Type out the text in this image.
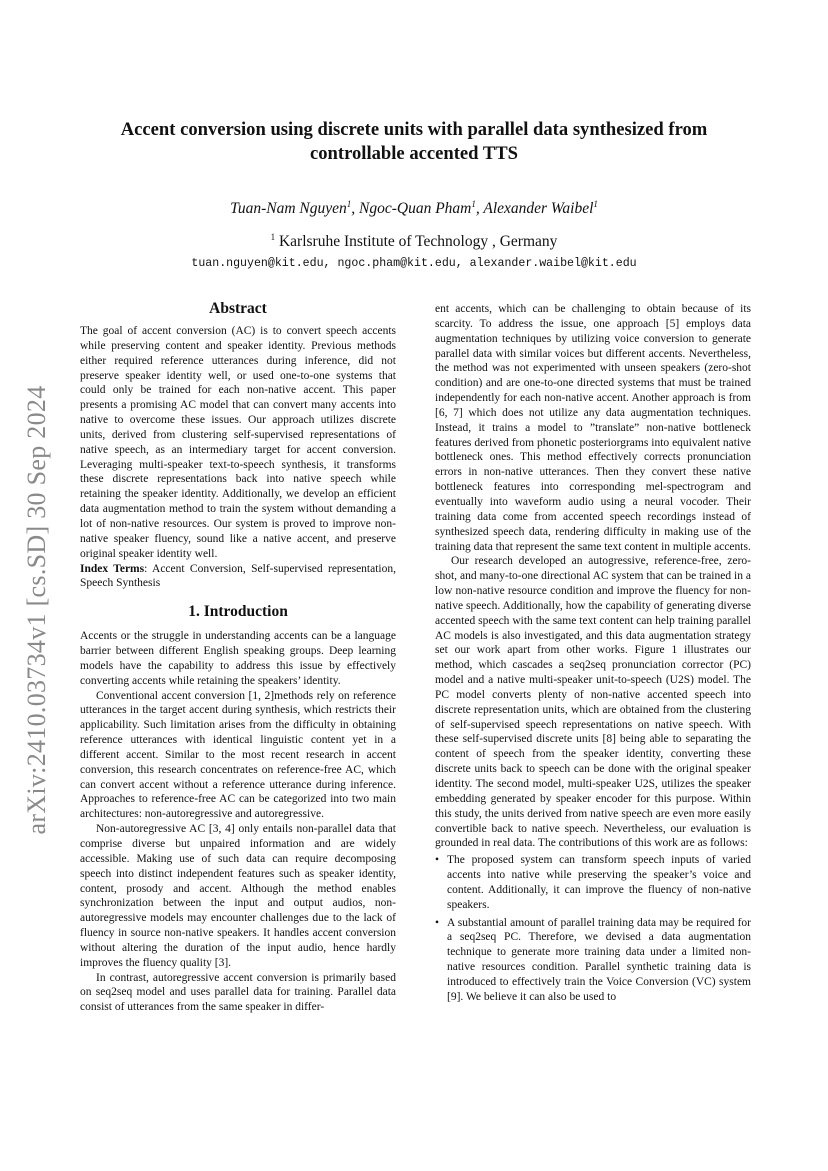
arXiv:2410.03734v1 [cs.SD] 30 Sep 2024
Accent conversion using discrete units with parallel data synthesized from
controllable accented TTS
Tuan-Nam Nguyen$^1$, Ngoc-Quan Pham$^1$, Alexander Waibel$^1$
$^1$ Karlsruhe Institute of Technology , Germany
tuan.nguyen@kit.edu, ngoc.pham@kit.edu, alexander.waibel@kit.edu
Abstract

The goal of accent conversion (AC) is to convert speech accents while preserving content and speaker identity. Previous methods either required reference utterances during inference, did not preserve speaker identity well, or used one-to-one systems that could only be trained for each non-native accent. This paper presents a promising AC model that can convert many accents into native to overcome these issues. Our approach utilizes discrete units, derived from clustering self-supervised representations of native speech, as an intermediary target for accent conversion. Leveraging multi-speaker text-to-speech synthesis, it transforms these discrete representations back into native speech while retaining the speaker identity. Additionally, we develop an efficient data augmentation method to train the system without demanding a lot of non-native resources. Our system is proved to improve non-native speaker fluency, sound like a native accent, and preserve original speaker identity well.

Index Terms: Accent Conversion, Self-supervised representation, Speech Synthesis

1. Introduction

Accents or the struggle in understanding accents can be a language barrier between different English speaking groups. Deep learning models have the capability to address this issue by effectively converting accents while retaining the speakers’ identity.

Conventional accent conversion [1, 2]methods rely on reference utterances in the target accent during synthesis, which restricts their applicability. Such limitation arises from the difficulty in obtaining reference utterances with identical linguistic content yet in a different accent. Similar to the most recent research in accent conversion, this research concentrates on reference-free AC, which can convert accent without a reference utterance during inference. Approaches to reference-free AC can be categorized into two main architectures: non-autoregressive and autoregressive.

Non-autoregressive AC [3, 4] only entails non-parallel data that comprise diverse but unpaired information and are widely accessible. Making use of such data can require decomposing speech into distinct independent features such as speaker identity, content, prosody and accent. Although the method enables synchronization between the input and output audios, non-autoregressive models may encounter challenges due to the lack of fluency in source non-native speakers. It handles accent conversion without altering the duration of the input audio, hence hardly improves the fluency quality [3].

In contrast, autoregressive accent conversion is primarily based on seq2seq model and uses parallel data for training. Parallel data consist of utterances from the same speaker in differ-

ent accents, which can be challenging to obtain because of its scarcity. To address the issue, one approach [5] employs data augmentation techniques by utilizing voice conversion to generate parallel data with similar voices but different accents. Nevertheless, the method was not experimented with unseen speakers (zero-shot condition) and are one-to-one directed systems that must be trained independently for each non-native accent. Another approach is from [6, 7] which does not utilize any data augmentation techniques. Instead, it trains a model to ”translate” non-native bottleneck features derived from phonetic posteriorgrams into equivalent native bottleneck ones. This method effectively corrects pronunciation errors in non-native utterances. Then they convert these native bottleneck features into corresponding mel-spectrogram and eventually into waveform audio using a neural vocoder. Their training data come from accented speech recordings instead of synthesized speech data, rendering difficulty in making use of the training data that represent the same text content in multiple accents.

Our research developed an autogressive, reference-free, zero-shot, and many-to-one directional AC system that can be trained in a low non-native resource condition and improve the fluency for non-native speech. Additionally, how the capability of generating diverse accented speech with the same text content can help training parallel AC models is also investigated, and this data augmentation strategy set our work apart from other works. Figure 1 illustrates our method, which cascades a seq2seq pronunciation corrector (PC) model and a native multi-speaker unit-to-speech (U2S) model. The PC model converts plenty of non-native accented speech into discrete representation units, which are obtained from the clustering of self-supervised speech representations on native speech. With these self-supervised discrete units [8] being able to separating the content of speech from the speaker identity, converting these discrete units back to speech can be done with the original speaker identity. The second model, multi-speaker U2S, utilizes the speaker embedding generated by speaker encoder for this purpose. Within this study, the units derived from native speech are even more easily convertible back to native speech. Nevertheless, our evaluation is grounded in real data. The contributions of this work are as follows:

• The proposed system can transform speech inputs of varied accents into native while preserving the speaker’s voice and content. Additionally, it can improve the fluency of non-native speakers.
• A substantial amount of parallel training data may be required for a seq2seq PC. Therefore, we devised a data augmentation technique to generate more training data under a limited non-native resources condition. Parallel synthetic training data is introduced to effectively train the Voice Conversion (VC) system [9]. We believe it can also be used to
